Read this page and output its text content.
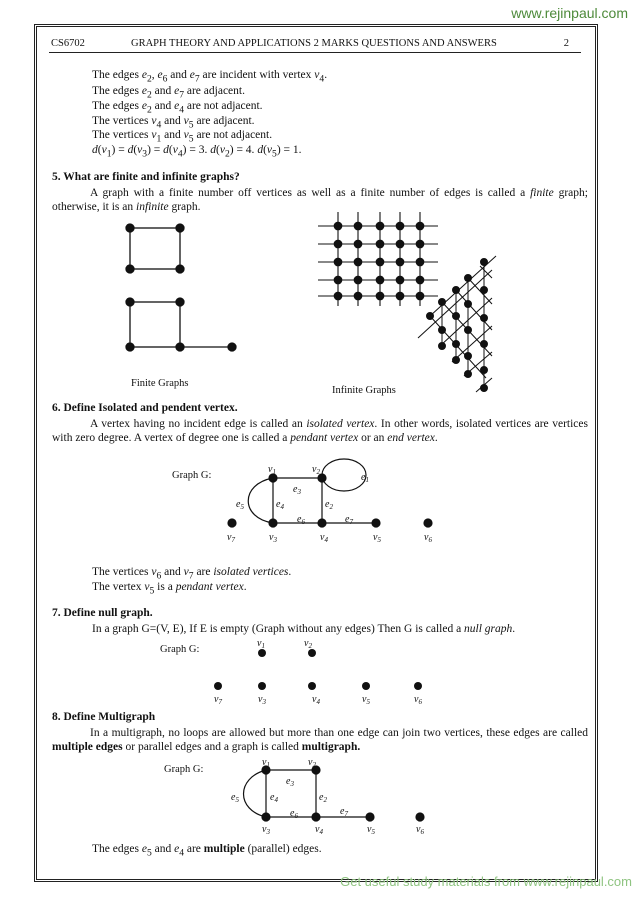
www.rejinpaul.com
CS6702	GRAPH THEORY AND APPLICATIONS 2 MARKS QUESTIONS AND ANSWERS	2
The edges $e_2$, $e_6$ and $e_7$ are incident with vertex $v_4$.
The edges $e_2$ and $e_7$ are adjacent.
The edges $e_2$ and $e_4$ are not adjacent.
The vertices $v_4$ and $v_5$ are adjacent.
The vertices $v_1$ and $v_5$ are not adjacent.
$d(v_1) = d(v_3) = d(v_4) = 3$. $d(v_2) = 4$. $d(v_5) = 1$.
5. What are finite and infinite graphs?
A graph with a finite number off vertices as well as a finite number of edges is called a finite graph; otherwise, it is an infinite graph.
Finite Graphs
Infinite Graphs
6. Define Isolated and pendent vertex.
A vertex having no incident edge is called an isolated vertex. In other words, isolated vertices are vertices with zero degree. A vertex of degree one is called a pendant vertex or an end vertex.
Graph G:
The vertices $v_6$ and $v_7$ are isolated vertices.
The vertex $v_5$ is a pendant vertex.
7. Define null graph.
In a graph G=(V, E), If E is empty (Graph without any edges) Then G is called a null graph.
Graph G:
8. Define Multigraph
In a multigraph, no loops are allowed but more than one edge can join two vertices, these edges are called multiple edges or parallel edges and a graph is called multigraph.
Graph G:
The edges $e_5$ and $e_4$ are multiple (parallel) edges.
Get useful study materials from www.rejinpaul.com
$v_1$	$v_2$	$e_1$
$e_3$
$e_4$
$e_5$	$e_2$
$e_6$	$e_7$
$v_7$	$v_3$	$v_4$	$v_5$	$v_6$
$v_1$	$v_2$
$v_7$	$v_3$	$v_4$	$v_5$	$v_6$
$v_1$	$v_2$
$e_3$
$e_4$
$e_5$	$e_2$
$e_6$	$e_7$
$v_3$	$v_4$	$v_5$	$v_6$
